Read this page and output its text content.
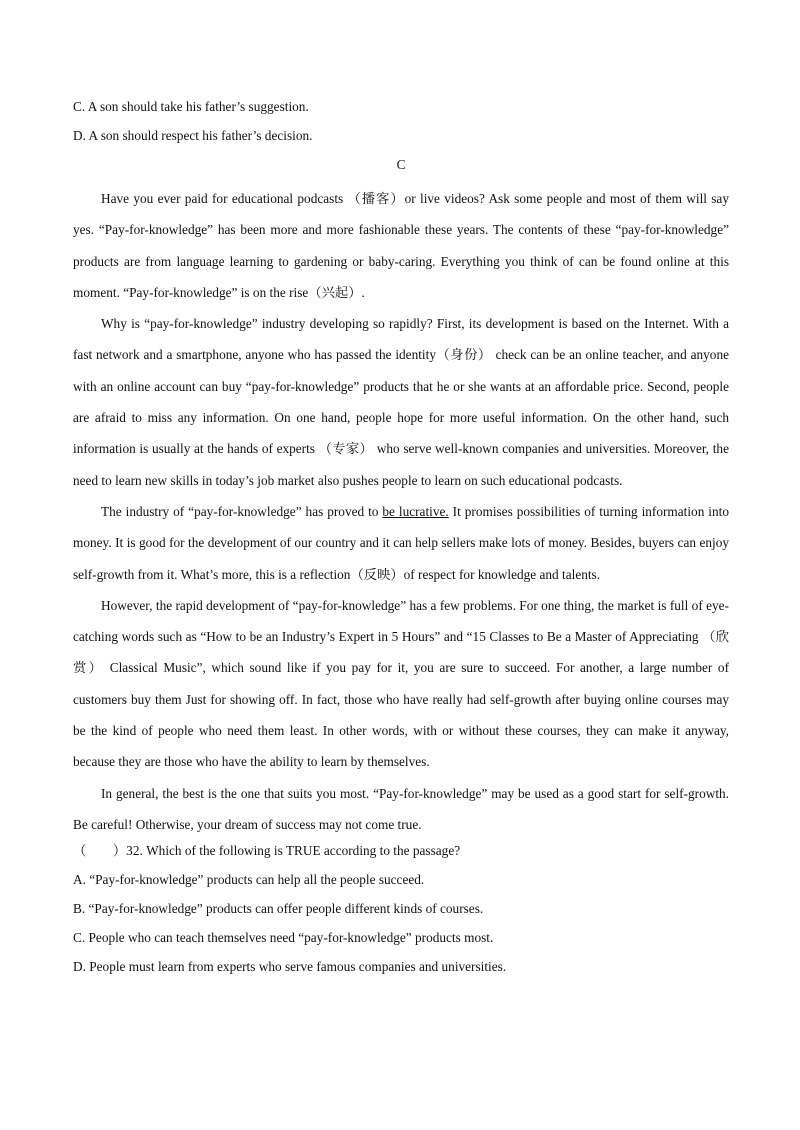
C. A son should take his father’s suggestion.
D. A son should respect his father’s decision.
C

Have you ever paid for educational podcasts （播客）or live videos? Ask some people and most of them will say yes. “Pay-for-knowledge” has been more and more fashionable these years. The contents of these “pay-for-knowledge” products are from language learning to gardening or baby-caring. Everything you think of can be found online at this moment. “Pay-for-knowledge” is on the rise（兴起）.

Why is “pay-for-knowledge” industry developing so rapidly? First, its development is based on the Internet. With a fast network and a smartphone, anyone who has passed the identity（身份） check can be an online teacher, and anyone with an online account can buy “pay-for-knowledge” products that he or she wants at an affordable price. Second, people are afraid to miss any information. On one hand, people hope for more useful information. On the other hand, such information is usually at the hands of experts （专家） who serve well-known companies and universities. Moreover, the need to learn new skills in today’s job market also pushes people to learn on such educational podcasts.

The industry of “pay-for-knowledge” has proved to be lucrative. It promises possibilities of turning information into money. It is good for the development of our country and it can help sellers make lots of money. Besides, buyers can enjoy self-growth from it. What’s more, this is a reflection（反映）of respect for knowledge and talents.

However, the rapid development of “pay-for-knowledge” has a few problems. For one thing, the market is full of eye-catching words such as “How to be an Industry’s Expert in 5 Hours” and “15 Classes to Be a Master of Appreciating （欣赏） Classical Music”, which sound like if you pay for it, you are sure to succeed. For another, a large number of customers buy them Just for showing off. In fact, those who have really had self-growth after buying online courses may be the kind of people who need them least. In other words, with or without these courses, they can make it anyway, because they are those who have the ability to learn by themselves.

In general, the best is the one that suits you most. “Pay-for-knowledge” may be used as a good start for self-growth. Be careful! Otherwise, your dream of success may not come true.

（　　）32. Which of the following is TRUE according to the passage?
A. “Pay-for-knowledge” products can help all the people succeed.
B. “Pay-for-knowledge” products can offer people different kinds of courses.
C. People who can teach themselves need “pay-for-knowledge” products most.
D. People must learn from experts who serve famous companies and universities.
